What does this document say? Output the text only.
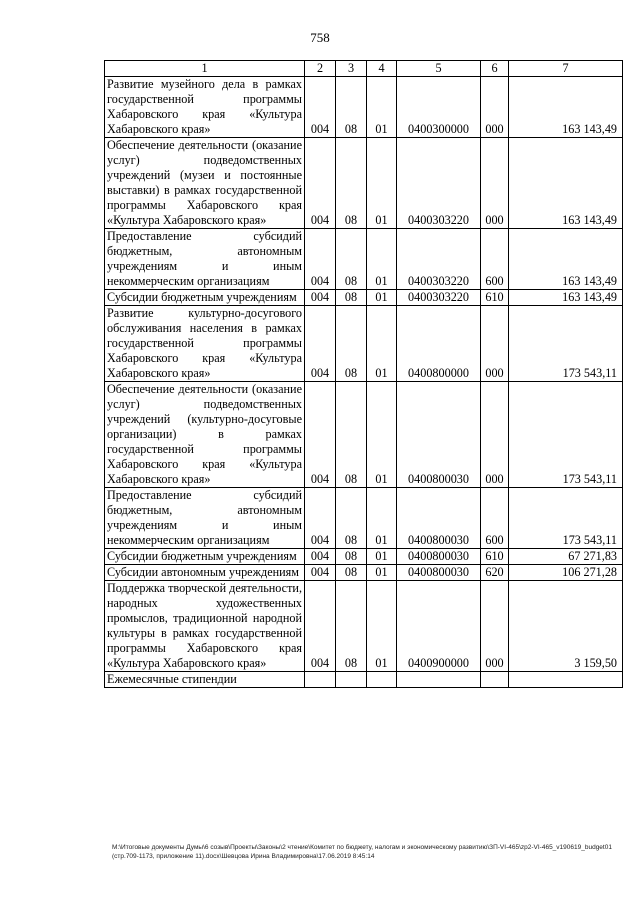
758
1	2	3	4	5	6	7
Развитие музейного дела в рамках государственной программы Хабаровского края «Культура Хабаровского края»	004	08	01	0400300000	000	163 143,49
Обеспечение деятельности (оказание услуг) подведомственных учреждений (музеи и постоянные выставки) в рамках государственной программы Хабаровского края «Культура Хабаровского края»	004	08	01	0400303220	000	163 143,49
Предоставление субсидий бюджетным, автономным учреждениям и иным некоммерческим организациям	004	08	01	0400303220	600	163 143,49
Субсидии бюджетным учреждениям	004	08	01	0400303220	610	163 143,49
Развитие культурно-досугового обслуживания населения в рамках государственной программы Хабаровского края «Культура Хабаровского края»	004	08	01	0400800000	000	173 543,11
Обеспечение деятельности (оказание услуг) подведомственных учреждений (культурно-досуговые организации) в рамках государственной программы Хабаровского края «Культура Хабаровского края»	004	08	01	0400800030	000	173 543,11
Предоставление субсидий бюджетным, автономным учреждениям и иным некоммерческим организациям	004	08	01	0400800030	600	173 543,11
Субсидии бюджетным учреждениям	004	08	01	0400800030	610	67 271,83
Субсидии автономным учреждениям	004	08	01	0400800030	620	106 271,28
Поддержка творческой деятельности, народных художественных промыслов, традиционной народной культуры в рамках государственной программы Хабаровского края «Культура Хабаровского края»	004	08	01	0400900000	000	3 159,50
Ежемесячные стипендии						
M:\Итоговые документы Думы\6 созыв\Проекты\Законы\2 чтение\Комитет по бюджету, налогам и экономическому развитию\ЗП-VI-465\zp2-VI-465_v190619_budget01 (стр.709-1173, приложение 11).docx\Шевцова Ирина Владимировна\17.06.2019 8:45:14
